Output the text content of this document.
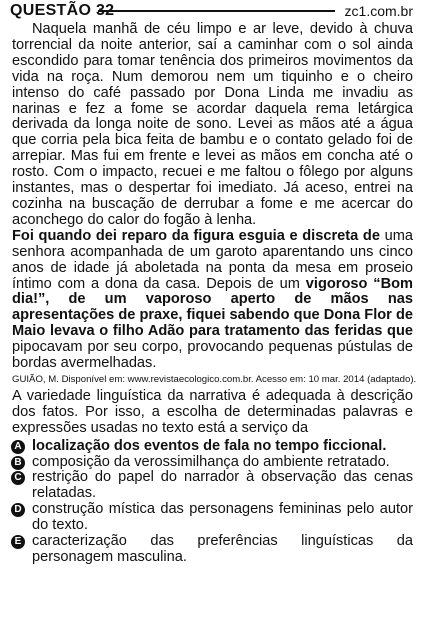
QUESTÃO 32	zc1.com.br
Naquela manhã de céu limpo e ar leve, devido à chuva torrencial da noite anterior, saí a caminhar com o sol ainda escondido para tomar tenência dos primeiros movimentos da vida na roça. Num demorou nem um tiquinho e o cheiro intenso do café passado por Dona Linda me invadiu as narinas e fez a fome se acordar daquela rema letárgica derivada da longa noite de sono. Levei as mãos até a água que corria pela bica feita de bambu e o contato gelado foi de arrepiar. Mas fui em frente e levei as mãos em concha até o rosto. Com o impacto, recuei e me faltou o fôlego por alguns instantes, mas o despertar foi imediato. Já aceso, entrei na cozinha na buscação de derrubar a fome e me acercar do aconchego do calor do fogão à lenha.
Foi quando dei reparo da figura esguia e discreta de uma senhora acompanhada de um garoto aparentando uns cinco anos de idade já aboletada na ponta da mesa em proseio íntimo com a dona da casa. Depois de um vigoroso “Bom dia!”, de um vaporoso aperto de mãos nas apresentações de praxe, fiquei sabendo que Dona Flor de Maio levava o filho Adão para tratamento das feridas que pipocavam por seu corpo, provocando pequenas pústulas de bordas avermelhadas.
GUIÃO, M. Disponível em: www.revistaecologico.com.br. Acesso em: 10 mar. 2014 (adaptado).
A variedade linguística da narrativa é adequada à descrição dos fatos. Por isso, a escolha de determinadas palavras e expressões usadas no texto está a serviço da
A localização dos eventos de fala no tempo ficcional.
B composição da verossimilhança do ambiente retratado.
C restrição do papel do narrador à observação das cenas relatadas.
D construção mística das personagens femininas pelo autor do texto.
E caracterização das preferências linguísticas da personagem masculina.
